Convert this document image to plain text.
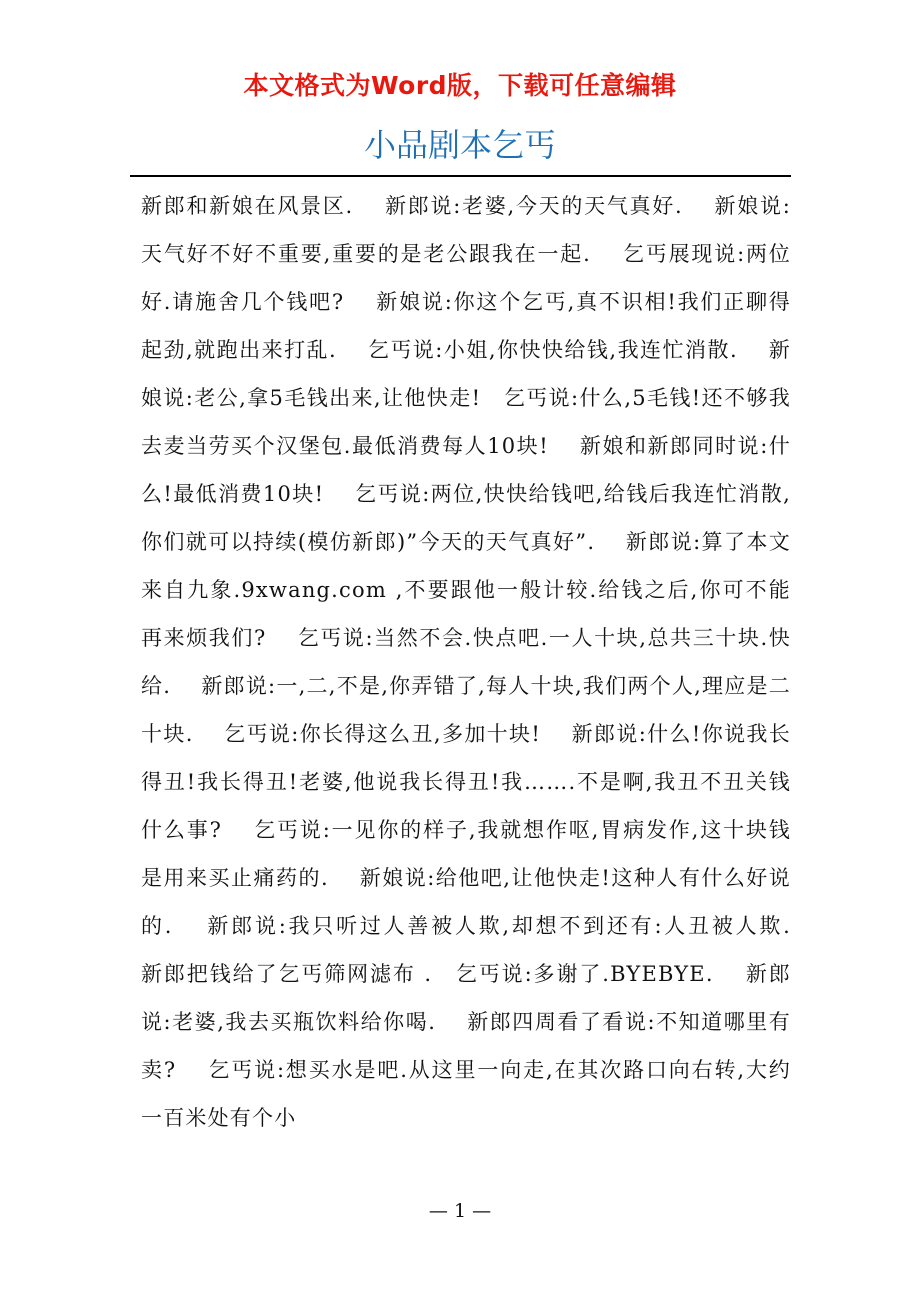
本文格式为Word版，下载可任意编辑
小品剧本乞丐

新郎和新娘在风景区.　 新郎说:老婆,今天的天气真好.　 新娘说:天气好不好不重要,重要的是老公跟我在一起.　 乞丐展现说:两位好.请施舍几个钱吧?　 新娘说:你这个乞丐,真不识相!我们正聊得起劲,就跑出来打乱.　 乞丐说:小姐,你快快给钱,我连忙消散.　 新娘说:老公,拿5毛钱出来,让他快走!　乞丐说:什么,5毛钱!还不够我去麦当劳买个汉堡包.最低消费每人10块!　 新娘和新郎同时说:什么!最低消费10块!　 乞丐说:两位,快快给钱吧,给钱后我连忙消散,你们就可以持续(模仿新郎)”今天的天气真好”.　 新郎说:算了本文来自九象.9xwang.com ,不要跟他一般计较.给钱之后,你可不能再来烦我们?　 乞丐说:当然不会.快点吧.一人十块,总共三十块.快给.　 新郎说:一,二,不是,你弄错了,每人十块,我们两个人,理应是二十块.　 乞丐说:你长得这么丑,多加十块!　 新郎说:什么!你说我长得丑!我长得丑!老婆,他说我长得丑!我…….不是啊,我丑不丑关钱什么事?　 乞丐说:一见你的样子,我就想作呕,胃病发作,这十块钱是用来买止痛药的.　 新娘说:给他吧,让他快走!这种人有什么好说的.　 新郎说:我只听过人善被人欺,却想不到还有:人丑被人欺.　 新郎把钱给了乞丐筛网滤布 .　乞丐说:多谢了.BYEBYE.　 新郎说:老婆,我去买瓶饮料给你喝.　 新郎四周看了看说:不知道哪里有卖?　 乞丐说:想买水是吧.从这里一向走,在其次路口向右转,大约一百米处有个小

— 1 —
